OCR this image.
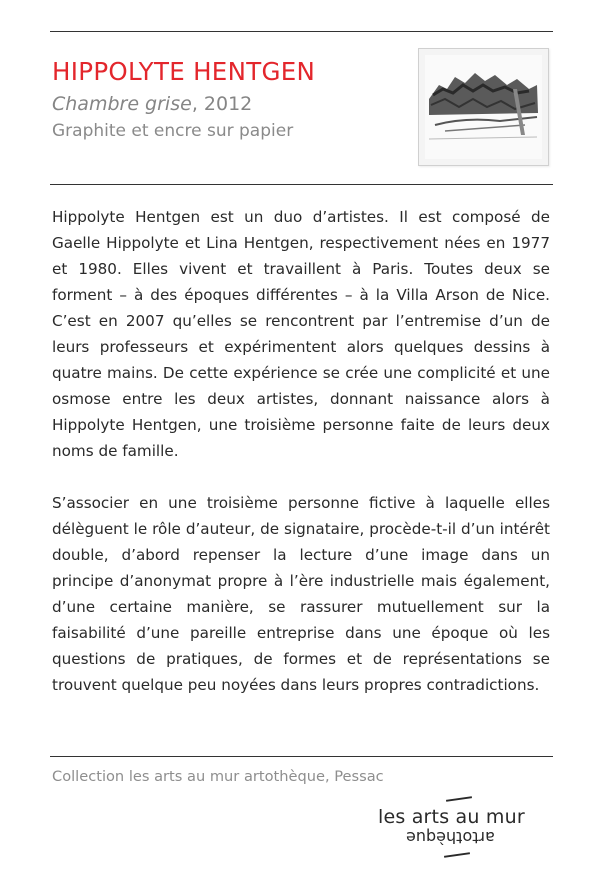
HIPPOLYTE HENTGEN
Chambre grise, 2012
Graphite et encre sur papier

Hippolyte Hentgen est un duo d’artistes. Il est composé de Gaelle Hippolyte et Lina Hentgen, respectivement nées en 1977 et 1980. Elles vivent et travaillent à Paris. Toutes deux se forment – à des époques différentes – à la Villa Arson de Nice. C’est en 2007 qu’elles se rencontrent par l’entremise d’un de leurs professeurs et expérimentent alors quelques dessins à quatre mains. De cette expérience se crée une complicité et une osmose entre les deux artistes, donnant naissance alors à Hippolyte Hentgen, une troisième personne faite de leurs deux noms de famille.

S’associer en une troisième personne fictive à laquelle elles délèguent le rôle d’auteur, de signataire, procède-t-il d’un intérêt double, d’abord repenser la lecture d’une image dans un principe d’anonymat propre à l’ère industrielle mais également, d’une certaine manière, se rassurer mutuellement sur la faisabilité d’une pareille entreprise dans une époque où les questions de pratiques, de formes et de représentations se trouvent quelque peu noyées dans leurs propres contradictions.

Collection les arts au mur artothèque, Pessac
les arts au mur
artothèque
